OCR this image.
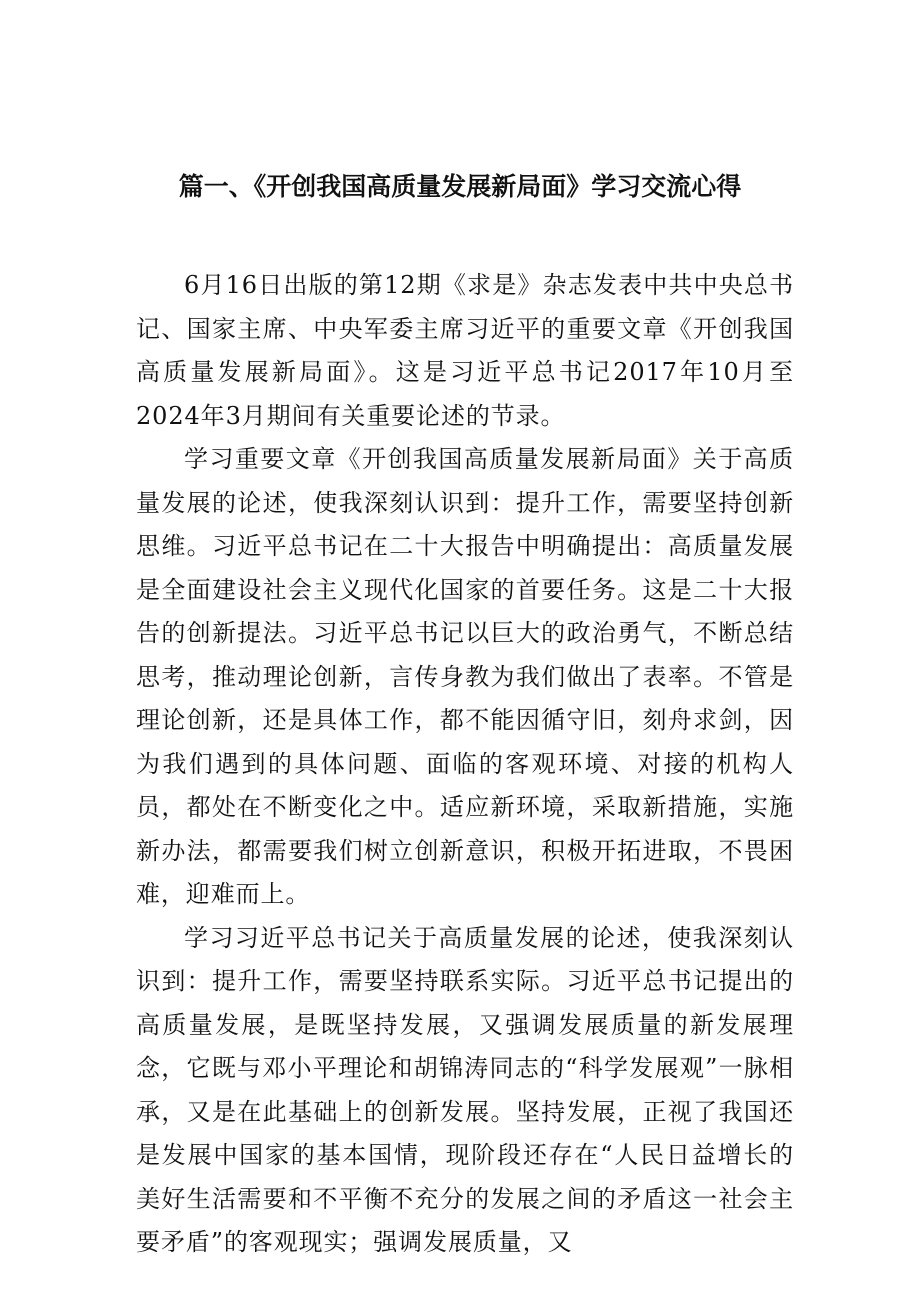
篇一、《开创我国高质量发展新局面》学习交流心得

6月16日出版的第12期《求是》杂志发表中共中央总书记、国家主席、中央军委主席习近平的重要文章《开创我国高质量发展新局面》。这是习近平总书记2017年10月至2024年3月期间有关重要论述的节录。

学习重要文章《开创我国高质量发展新局面》关于高质量发展的论述，使我深刻认识到：提升工作，需要坚持创新思维。习近平总书记在二十大报告中明确提出：高质量发展是全面建设社会主义现代化国家的首要任务。这是二十大报告的创新提法。习近平总书记以巨大的政治勇气，不断总结思考，推动理论创新，言传身教为我们做出了表率。不管是理论创新，还是具体工作，都不能因循守旧，刻舟求剑，因为我们遇到的具体问题、面临的客观环境、对接的机构人员，都处在不断变化之中。适应新环境，采取新措施，实施新办法，都需要我们树立创新意识，积极开拓进取，不畏困难，迎难而上。

学习习近平总书记关于高质量发展的论述，使我深刻认识到：提升工作，需要坚持联系实际。习近平总书记提出的高质量发展，是既坚持发展，又强调发展质量的新发展理念，它既与邓小平理论和胡锦涛同志的“科学发展观”一脉相承，又是在此基础上的创新发展。坚持发展，正视了我国还是发展中国家的基本国情，现阶段还存在“人民日益增长的美好生活需要和不平衡不充分的发展之间的矛盾这一社会主要矛盾”的客观现实；强调发展质量，又
